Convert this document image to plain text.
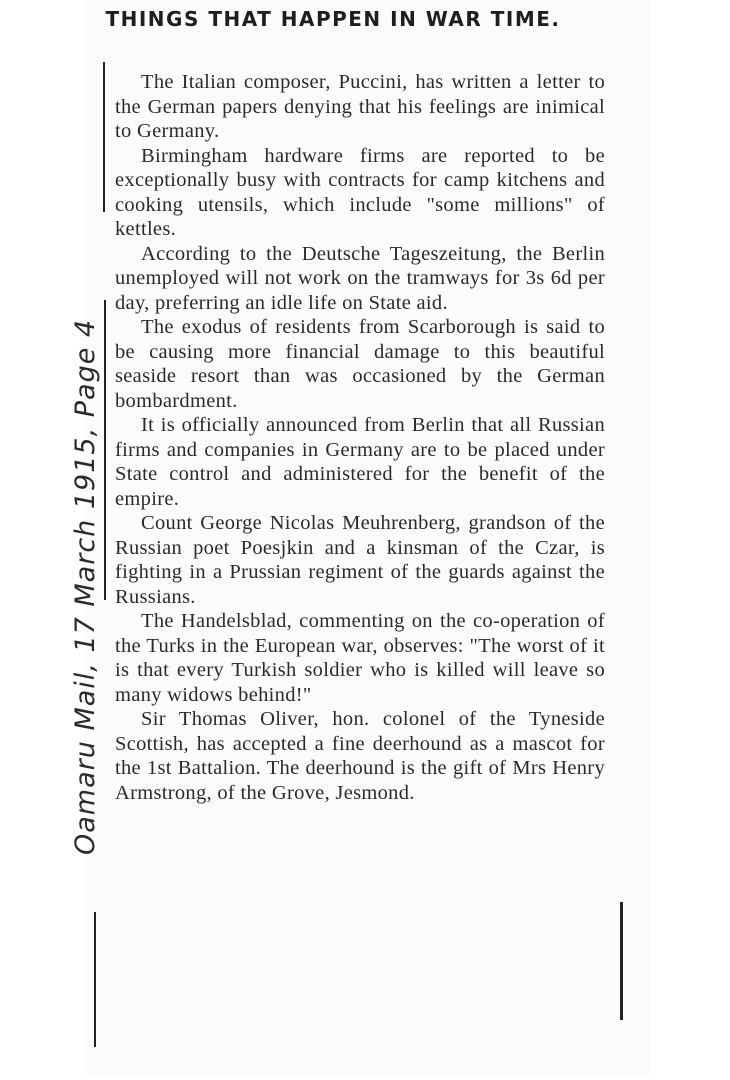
THINGS THAT HAPPEN IN WAR TIME.

The Italian composer, Puccini, has written a letter to the German papers denying that his feelings are inimical to Germany.

Birmingham hardware firms are reported to be exceptionally busy with contracts for camp kitchens and cooking utensils, which include "some millions" of kettles.

According to the Deutsche Tageszeitung, the Berlin unemployed will not work on the tramways for 3s 6d per day, preferring an idle life on State aid.

The exodus of residents from Scarborough is said to be causing more financial damage to this beautiful seaside resort than was occasioned by the German bombardment.

It is officially announced from Berlin that all Russian firms and companies in Germany are to be placed under State control and administered for the benefit of the empire.

Count George Nicolas Meuhrenberg, grandson of the Russian poet Poesjkin and a kinsman of the Czar, is fighting in a Prussian regiment of the guards against the Russians.

The Handelsblad, commenting on the co-operation of the Turks in the European war, observes: "The worst of it is that every Turkish soldier who is killed will leave so many widows behind!"

Sir Thomas Oliver, hon. colonel of the Tyneside Scottish, has accepted a fine deerhound as a mascot for the 1st Battalion. The deerhound is the gift of Mrs Henry Armstrong, of the Grove, Jesmond.

Oamaru Mail, 17 March 1915, Page 4
